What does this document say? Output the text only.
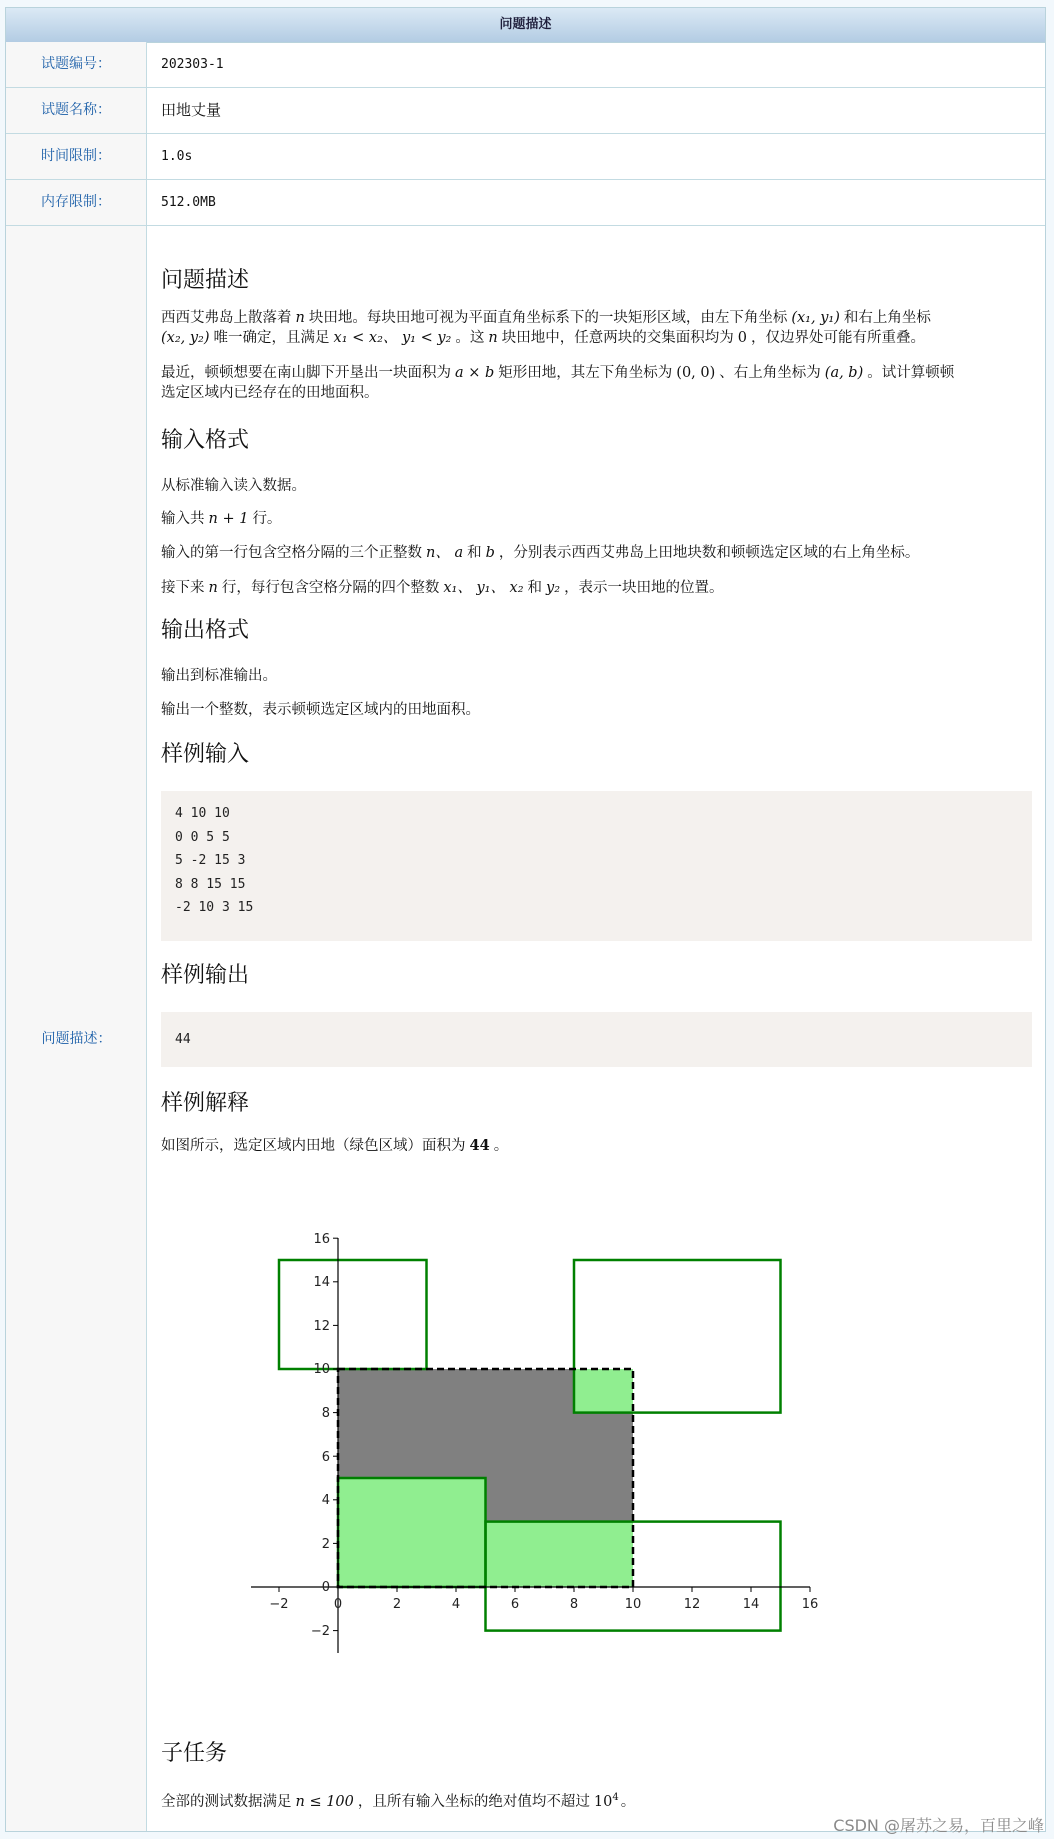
问题描述
试题编号：	202303-1
试题名称：	田地丈量
时间限制：	1.0s
内存限制：	512.0MB
问题描述：
问题描述
西西艾弗岛上散落着 n 块田地。每块田地可视为平面直角坐标系下的一块矩形区域，由左下角坐标 (x₁, y₁) 和右上角坐标
(x₂, y₂) 唯一确定，且满足 x₁ < x₂、 y₁ < y₂ 。这 n 块田地中，任意两块的交集面积均为 0 ，仅边界处可能有所重叠。
最近，顿顿想要在南山脚下开垦出一块面积为 a × b 矩形田地，其左下角坐标为 (0, 0) 、右上角坐标为 (a, b) 。试计算顿顿
选定区域内已经存在的田地面积。
输入格式
从标准输入读入数据。
输入共 n + 1 行。
输入的第一行包含空格分隔的三个正整数 n、 a 和 b ，分别表示西西艾弗岛上田地块数和顿顿选定区域的右上角坐标。
接下来 n 行，每行包含空格分隔的四个整数 x₁、 y₁、 x₂ 和 y₂ ，表示一块田地的位置。
输出格式
输出到标准输出。
输出一个整数，表示顿顿选定区域内的田地面积。
样例输入
4 10 10
0 0 5 5
5 -2 15 3
8 8 15 15
-2 10 3 15
样例输出
44
样例解释
如图所示，选定区域内田地（绿色区域）面积为 44 。
−2	0	2	4	6	8	10	12	14	16
−2
0
2
4
6
8
10
12
14
16
子任务
全部的测试数据满足 n ≤ 100 ，且所有输入坐标的绝对值均不超过 $10^4$ 。
CSDN @屠苏之易，百里之峰
